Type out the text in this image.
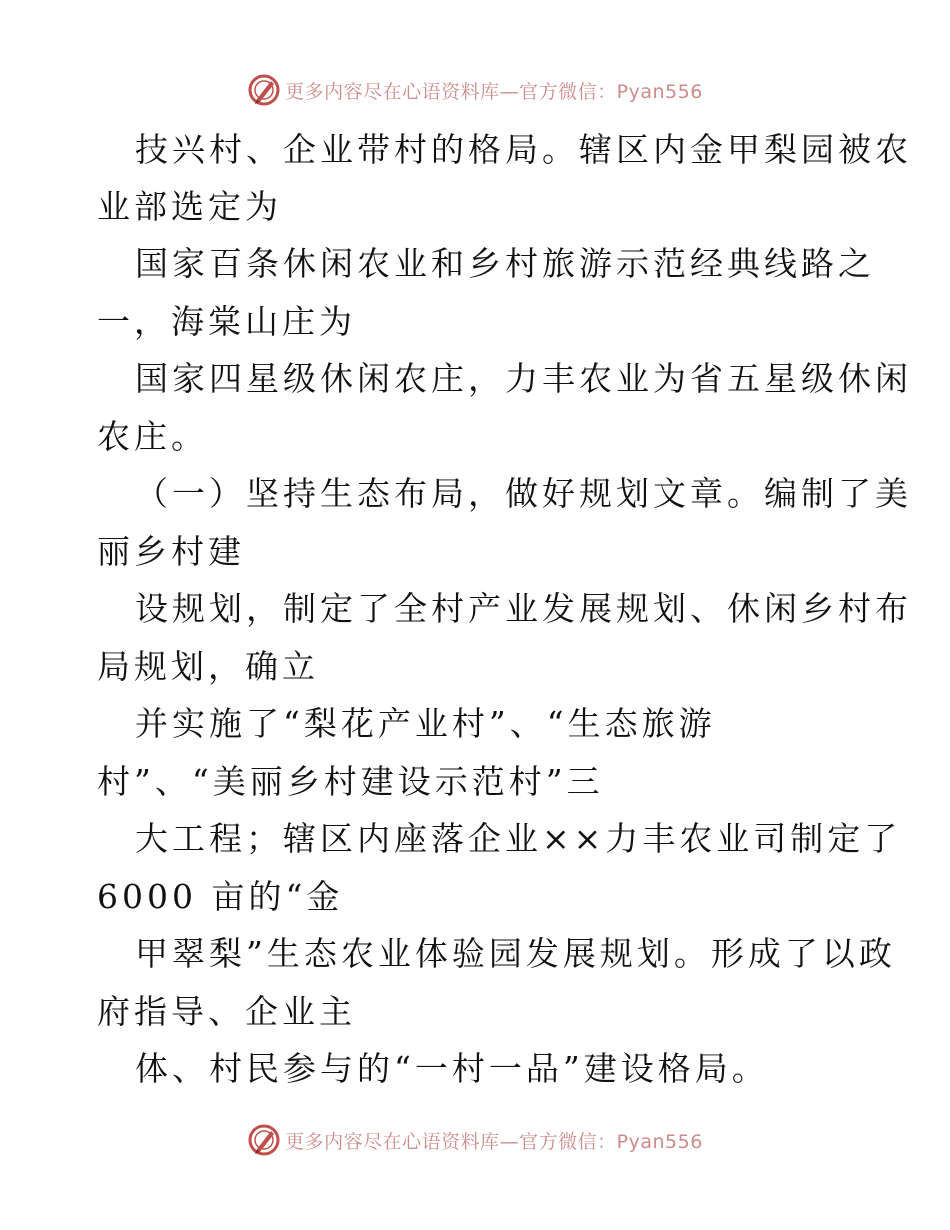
更多内容尽在心语资料库—官方微信：Pyan556
技兴村、企业带村的格局。辖区内金甲梨园被农
业部选定为
国家百条休闲农业和乡村旅游示范经典线路之
一，海棠山庄为
国家四星级休闲农庄，力丰农业为省五星级休闲
农庄。
（一）坚持生态布局，做好规划文章。编制了美
丽乡村建
设规划，制定了全村产业发展规划、休闲乡村布
局规划，确立
并实施了“梨花产业村”、“生态旅游
村”、“美丽乡村建设示范村”三
大工程；辖区内座落企业××力丰农业司制定了
6000 亩的“金
甲翠梨”生态农业体验园发展规划。形成了以政
府指导、企业主
体、村民参与的“一村一品”建设格局。
更多内容尽在心语资料库—官方微信：Pyan556
